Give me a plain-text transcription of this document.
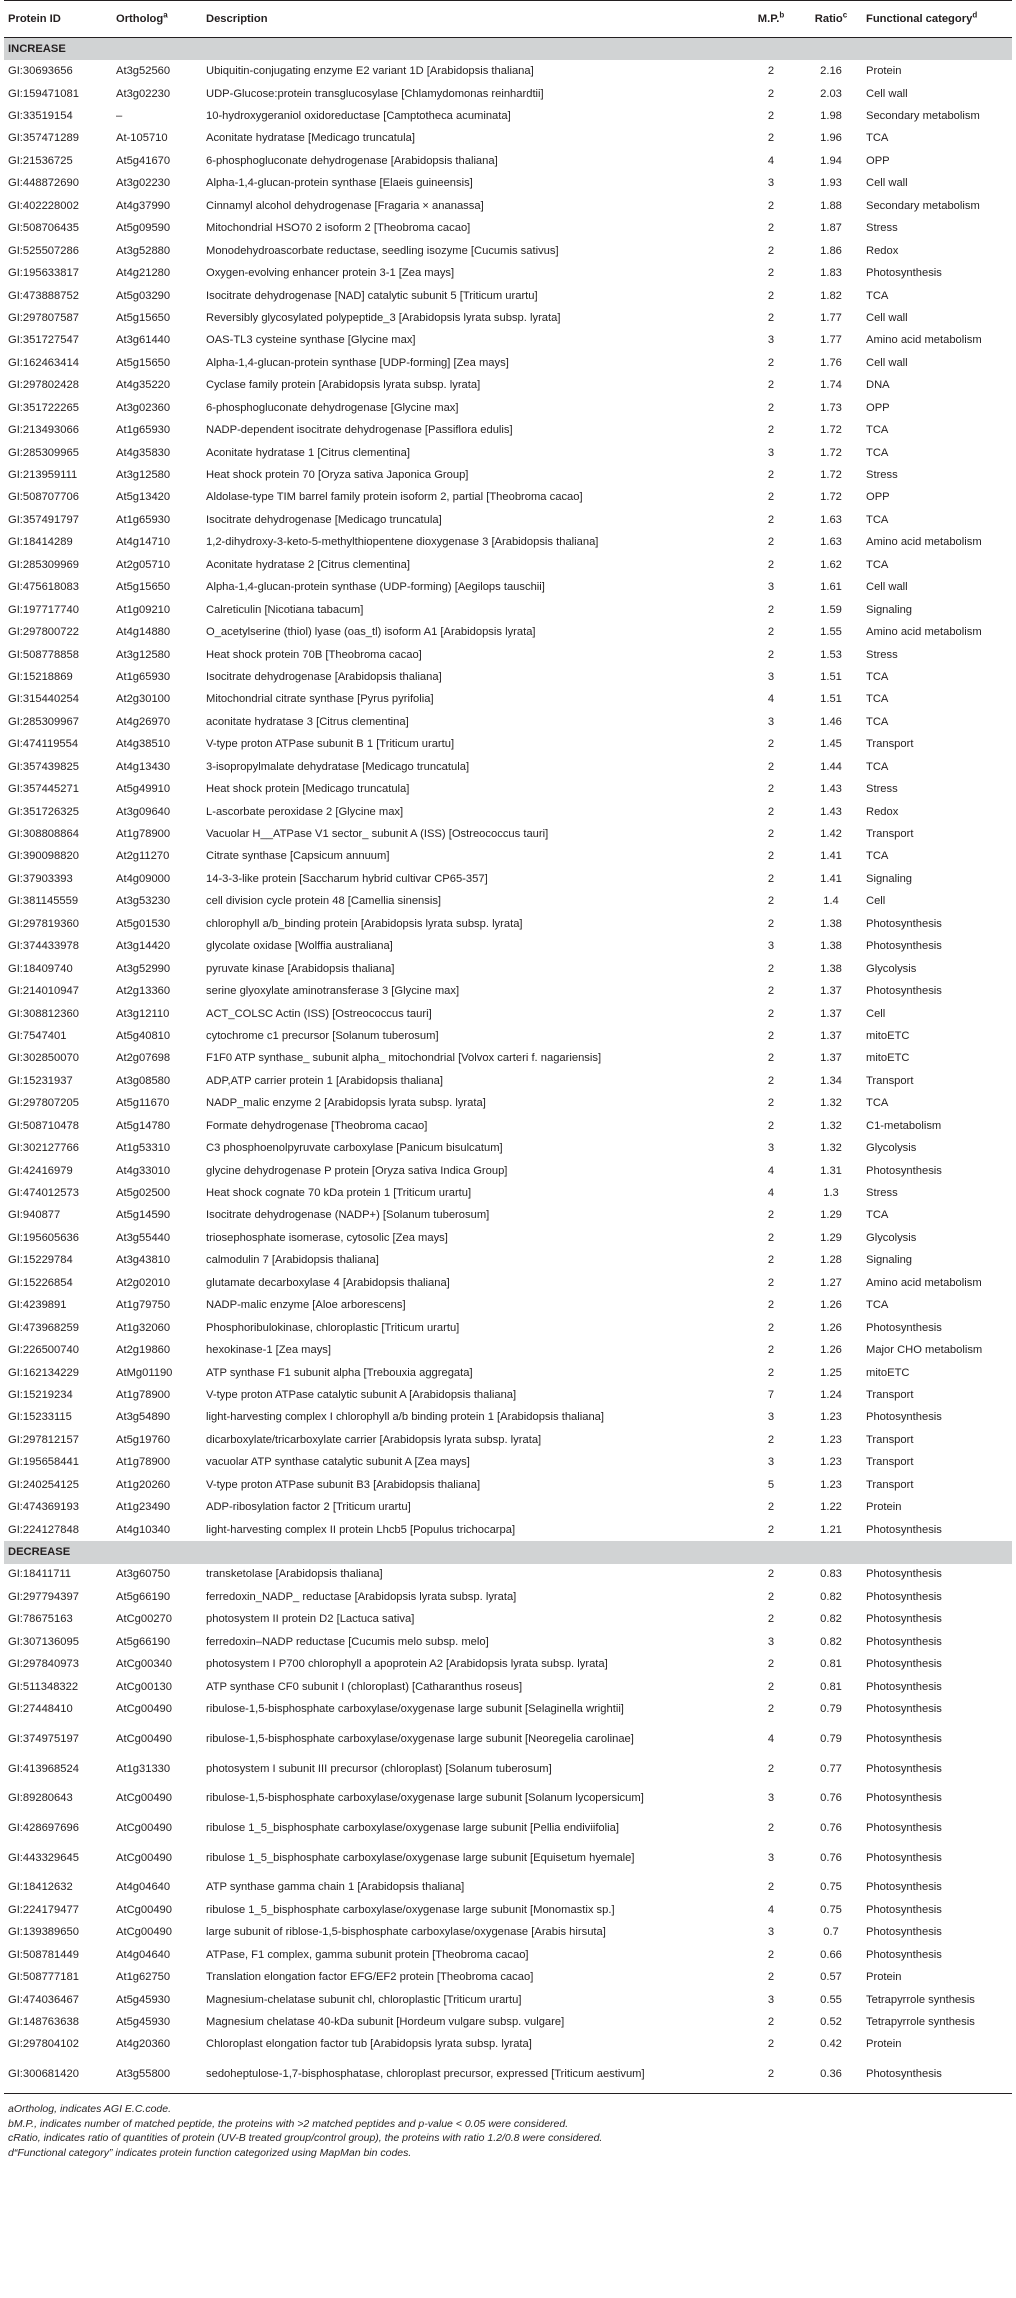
Protein ID	Ortholog$^a$	Description	M.P.$^b$	Ratio$^c$	Functional category$^d$
INCREASE					
GI:30693656	At3g52560	Ubiquitin-conjugating enzyme E2 variant 1D [Arabidopsis thaliana]	2	2.16	Protein
GI:159471081	At3g02230	UDP-Glucose:protein transglucosylase [Chlamydomonas reinhardtii]	2	2.03	Cell wall
GI:33519154	–	10-hydroxygeraniol oxidoreductase [Camptotheca acuminata]	2	1.98	Secondary metabolism
GI:357471289	At-105710	Aconitate hydratase [Medicago truncatula]	2	1.96	TCA
GI:21536725	At5g41670	6-phosphogluconate dehydrogenase [Arabidopsis thaliana]	4	1.94	OPP
GI:448872690	At3g02230	Alpha-1,4-glucan-protein synthase [Elaeis guineensis]	3	1.93	Cell wall
GI:402228002	At4g37990	Cinnamyl alcohol dehydrogenase [Fragaria × ananassa]	2	1.88	Secondary metabolism
GI:508706435	At5g09590	Mitochondrial HSO70 2 isoform 2 [Theobroma cacao]	2	1.87	Stress
GI:525507286	At3g52880	Monodehydroascorbate reductase, seedling isozyme [Cucumis sativus]	2	1.86	Redox
GI:195633817	At4g21280	Oxygen-evolving enhancer protein 3-1 [Zea mays]	2	1.83	Photosynthesis
GI:473888752	At5g03290	Isocitrate dehydrogenase [NAD] catalytic subunit 5 [Triticum urartu]	2	1.82	TCA
GI:297807587	At5g15650	Reversibly glycosylated polypeptide_3 [Arabidopsis lyrata subsp. lyrata]	2	1.77	Cell wall
GI:351727547	At3g61440	OAS-TL3 cysteine synthase [Glycine max]	3	1.77	Amino acid metabolism
GI:162463414	At5g15650	Alpha-1,4-glucan-protein synthase [UDP-forming] [Zea mays]	2	1.76	Cell wall
GI:297802428	At4g35220	Cyclase family protein [Arabidopsis lyrata subsp. lyrata]	2	1.74	DNA
GI:351722265	At3g02360	6-phosphogluconate dehydrogenase [Glycine max]	2	1.73	OPP
GI:213493066	At1g65930	NADP-dependent isocitrate dehydrogenase [Passiflora edulis]	2	1.72	TCA
GI:285309965	At4g35830	Aconitate hydratase 1 [Citrus clementina]	3	1.72	TCA
GI:213959111	At3g12580	Heat shock protein 70 [Oryza sativa Japonica Group]	2	1.72	Stress
GI:508707706	At5g13420	Aldolase-type TIM barrel family protein isoform 2, partial [Theobroma cacao]	2	1.72	OPP
GI:357491797	At1g65930	Isocitrate dehydrogenase [Medicago truncatula]	2	1.63	TCA
GI:18414289	At4g14710	1,2-dihydroxy-3-keto-5-methylthiopentene dioxygenase 3 [Arabidopsis thaliana]	2	1.63	Amino acid metabolism
GI:285309969	At2g05710	Aconitate hydratase 2 [Citrus clementina]	2	1.62	TCA
GI:475618083	At5g15650	Alpha-1,4-glucan-protein synthase (UDP-forming) [Aegilops tauschii]	3	1.61	Cell wall
GI:197717740	At1g09210	Calreticulin [Nicotiana tabacum]	2	1.59	Signaling
GI:297800722	At4g14880	O_acetylserine (thiol) lyase (oas_tl) isoform A1 [Arabidopsis lyrata]	2	1.55	Amino acid metabolism
GI:508778858	At3g12580	Heat shock protein 70B [Theobroma cacao]	2	1.53	Stress
GI:15218869	At1g65930	Isocitrate dehydrogenase [Arabidopsis thaliana]	3	1.51	TCA
GI:315440254	At2g30100	Mitochondrial citrate synthase [Pyrus pyrifolia]	4	1.51	TCA
GI:285309967	At4g26970	aconitate hydratase 3 [Citrus clementina]	3	1.46	TCA
GI:474119554	At4g38510	V-type proton ATPase subunit B 1 [Triticum urartu]	2	1.45	Transport
GI:357439825	At4g13430	3-isopropylmalate dehydratase [Medicago truncatula]	2	1.44	TCA
GI:357445271	At5g49910	Heat shock protein [Medicago truncatula]	2	1.43	Stress
GI:351726325	At3g09640	L-ascorbate peroxidase 2 [Glycine max]	2	1.43	Redox
GI:308808864	At1g78900	Vacuolar H__ATPase V1 sector_ subunit A (ISS) [Ostreococcus tauri]	2	1.42	Transport
GI:390098820	At2g11270	Citrate synthase [Capsicum annuum]	2	1.41	TCA
GI:37903393	At4g09000	14-3-3-like protein [Saccharum hybrid cultivar CP65-357]	2	1.41	Signaling
GI:381145559	At3g53230	cell division cycle protein 48 [Camellia sinensis]	2	1.4	Cell
GI:297819360	At5g01530	chlorophyll a/b_binding protein [Arabidopsis lyrata subsp. lyrata]	2	1.38	Photosynthesis
GI:374433978	At3g14420	glycolate oxidase [Wolffia australiana]	3	1.38	Photosynthesis
GI:18409740	At3g52990	pyruvate kinase [Arabidopsis thaliana]	2	1.38	Glycolysis
GI:214010947	At2g13360	serine glyoxylate aminotransferase 3 [Glycine max]	2	1.37	Photosynthesis
GI:308812360	At3g12110	ACT_COLSC Actin (ISS) [Ostreococcus tauri]	2	1.37	Cell
GI:7547401	At5g40810	cytochrome c1 precursor [Solanum tuberosum]	2	1.37	mitoETC
GI:302850070	At2g07698	F1F0 ATP synthase_ subunit alpha_ mitochondrial [Volvox carteri f. nagariensis]	2	1.37	mitoETC
GI:15231937	At3g08580	ADP,ATP carrier protein 1 [Arabidopsis thaliana]	2	1.34	Transport
GI:297807205	At5g11670	NADP_malic enzyme 2 [Arabidopsis lyrata subsp. lyrata]	2	1.32	TCA
GI:508710478	At5g14780	Formate dehydrogenase [Theobroma cacao]	2	1.32	C1-metabolism
GI:302127766	At1g53310	C3 phosphoenolpyruvate carboxylase [Panicum bisulcatum]	3	1.32	Glycolysis
GI:42416979	At4g33010	glycine dehydrogenase P protein [Oryza sativa Indica Group]	4	1.31	Photosynthesis
GI:474012573	At5g02500	Heat shock cognate 70 kDa protein 1 [Triticum urartu]	4	1.3	Stress
GI:940877	At5g14590	Isocitrate dehydrogenase (NADP+) [Solanum tuberosum]	2	1.29	TCA
GI:195605636	At3g55440	triosephosphate isomerase, cytosolic [Zea mays]	2	1.29	Glycolysis
GI:15229784	At3g43810	calmodulin 7 [Arabidopsis thaliana]	2	1.28	Signaling
GI:15226854	At2g02010	glutamate decarboxylase 4 [Arabidopsis thaliana]	2	1.27	Amino acid metabolism
GI:4239891	At1g79750	NADP-malic enzyme [Aloe arborescens]	2	1.26	TCA
GI:473968259	At1g32060	Phosphoribulokinase, chloroplastic [Triticum urartu]	2	1.26	Photosynthesis
GI:226500740	At2g19860	hexokinase-1 [Zea mays]	2	1.26	Major CHO metabolism
GI:162134229	AtMg01190	ATP synthase F1 subunit alpha [Trebouxia aggregata]	2	1.25	mitoETC
GI:15219234	At1g78900	V-type proton ATPase catalytic subunit A [Arabidopsis thaliana]	7	1.24	Transport
GI:15233115	At3g54890	light-harvesting complex I chlorophyll a/b binding protein 1 [Arabidopsis thaliana]	3	1.23	Photosynthesis
GI:297812157	At5g19760	dicarboxylate/tricarboxylate carrier [Arabidopsis lyrata subsp. lyrata]	2	1.23	Transport
GI:195658441	At1g78900	vacuolar ATP synthase catalytic subunit A [Zea mays]	3	1.23	Transport
GI:240254125	At1g20260	V-type proton ATPase subunit B3 [Arabidopsis thaliana]	5	1.23	Transport
GI:474369193	At1g23490	ADP-ribosylation factor 2 [Triticum urartu]	2	1.22	Protein
GI:224127848	At4g10340	light-harvesting complex II protein Lhcb5 [Populus trichocarpa]	2	1.21	Photosynthesis
DECREASE					
GI:18411711	At3g60750	transketolase [Arabidopsis thaliana]	2	0.83	Photosynthesis
GI:297794397	At5g66190	ferredoxin_NADP_ reductase [Arabidopsis lyrata subsp. lyrata]	2	0.82	Photosynthesis
GI:78675163	AtCg00270	photosystem II protein D2 [Lactuca sativa]	2	0.82	Photosynthesis
GI:307136095	At5g66190	ferredoxin–NADP reductase [Cucumis melo subsp. melo]	3	0.82	Photosynthesis
GI:297840973	AtCg00340	photosystem I P700 chlorophyll a apoprotein A2 [Arabidopsis lyrata subsp. lyrata]	2	0.81	Photosynthesis
GI:511348322	AtCg00130	ATP synthase CF0 subunit I (chloroplast) [Catharanthus roseus]	2	0.81	Photosynthesis
GI:27448410	AtCg00490	ribulose-1,5-bisphosphate carboxylase/oxygenase large subunit [Selaginella wrightii]	2	0.79	Photosynthesis
GI:374975197	AtCg00490	ribulose-1,5-bisphosphate carboxylase/oxygenase large subunit [Neoregelia carolinae]	4	0.79	Photosynthesis
GI:413968524	At1g31330	photosystem I subunit III precursor (chloroplast) [Solanum tuberosum]	2	0.77	Photosynthesis
GI:89280643	AtCg00490	ribulose-1,5-bisphosphate carboxylase/oxygenase large subunit [Solanum lycopersicum]	3	0.76	Photosynthesis
GI:428697696	AtCg00490	ribulose 1_5_bisphosphate carboxylase/oxygenase large subunit [Pellia endiviifolia]	2	0.76	Photosynthesis
GI:443329645	AtCg00490	ribulose 1_5_bisphosphate carboxylase/oxygenase large subunit [Equisetum hyemale]	3	0.76	Photosynthesis
GI:18412632	At4g04640	ATP synthase gamma chain 1 [Arabidopsis thaliana]	2	0.75	Photosynthesis
GI:224179477	AtCg00490	ribulose 1_5_bisphosphate carboxylase/oxygenase large subunit [Monomastix sp.]	4	0.75	Photosynthesis
GI:139389650	AtCg00490	large subunit of riblose-1,5-bisphosphate carboxylase/oxygenase [Arabis hirsuta]	3	0.7	Photosynthesis
GI:508781449	At4g04640	ATPase, F1 complex, gamma subunit protein [Theobroma cacao]	2	0.66	Photosynthesis
GI:508777181	At1g62750	Translation elongation factor EFG/EF2 protein [Theobroma cacao]	2	0.57	Protein
GI:474036467	At5g45930	Magnesium-chelatase subunit chl, chloroplastic [Triticum urartu]	3	0.55	Tetrapyrrole synthesis
GI:148763638	At5g45930	Magnesium chelatase 40-kDa subunit [Hordeum vulgare subsp. vulgare]	2	0.52	Tetrapyrrole synthesis
GI:297804102	At4g20360	Chloroplast elongation factor tub [Arabidopsis lyrata subsp. lyrata]	2	0.42	Protein
GI:300681420	At3g55800	sedoheptulose-1,7-bisphosphatase, chloroplast precursor, expressed [Triticum aestivum]	2	0.36	Photosynthesis
aOrtholog, indicates AGI E.C.code.
bM.P., indicates number of matched peptide, the proteins with >2 matched peptides and p-value < 0.05 were considered.
cRatio, indicates ratio of quantities of protein (UV-B treated group/control group), the proteins with ratio 1.2/0.8 were considered.
d“Functional category” indicates protein function categorized using MapMan bin codes.
